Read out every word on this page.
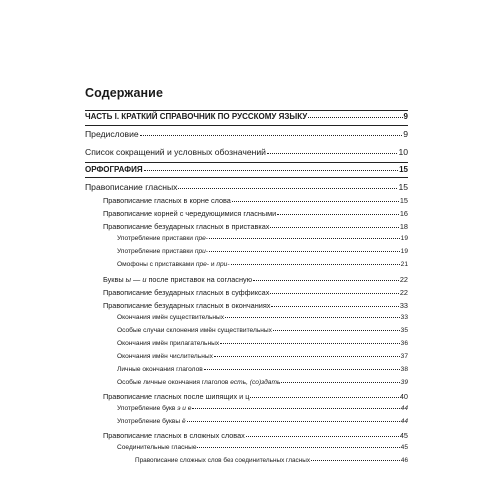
Содержание
ЧАСТЬ I. КРАТКИЙ СПРАВОЧНИК ПО РУССКОМУ ЯЗЫКУ	9
Предисловие	9
Список сокращений и условных обозначений	10
ОРФОГРАФИЯ	15
Правописание гласных	15
Правописание гласных в корне слова	15
Правописание корней с чередующимися гласными	16
Правописание безударных гласных в приставках	18
Употребление приставки пре-	19
Употребление приставки при-	19
Омофоны с приставками пре- и при-	21
Буквы ы — и после приставок на согласную	22
Правописание безударных гласных в суффиксах	22
Правописание безударных гласных в окончаниях	33
Окончания имён существительных	33
Особые случаи склонения имён существительных	35
Окончания имён прилагательных	36
Окончания имён числительных	37
Личные окончания глаголов	38
Особые личные окончания глаголов есть, (со)здать	39
Правописание гласных после шипящих и ц	40
Употребление букв э и е	44
Употребление буквы ё	44
Правописание гласных в сложных словах	45
Соединительные гласные	45
Правописание сложных слов без соединительных гласных	46
